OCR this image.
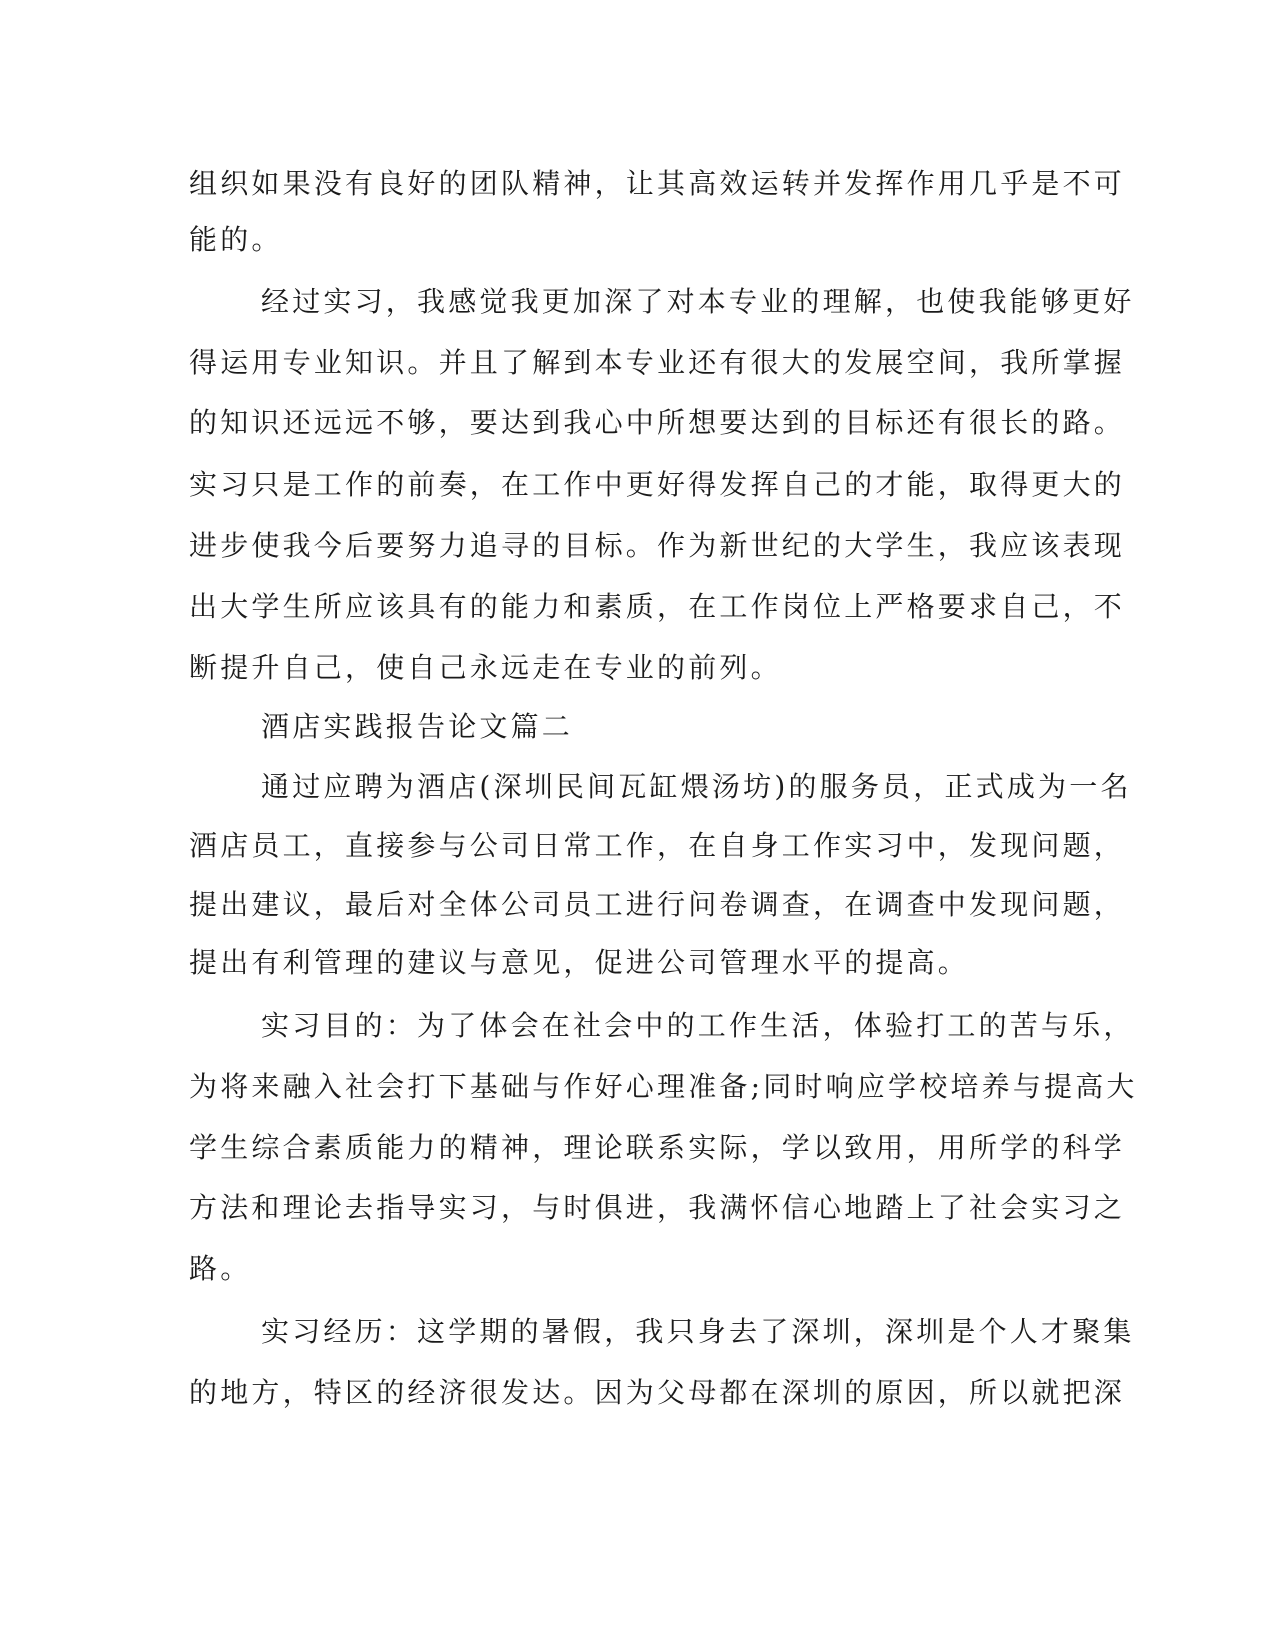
组织如果没有良好的团队精神，让其高效运转并发挥作用几乎是不可
能的。
经过实习，我感觉我更加深了对本专业的理解，也使我能够更好
得运用专业知识。并且了解到本专业还有很大的发展空间，我所掌握
的知识还远远不够，要达到我心中所想要达到的目标还有很长的路。
实习只是工作的前奏，在工作中更好得发挥自己的才能，取得更大的
进步使我今后要努力追寻的目标。作为新世纪的大学生，我应该表现
出大学生所应该具有的能力和素质，在工作岗位上严格要求自己，不
断提升自己，使自己永远走在专业的前列。
酒店实践报告论文篇二
通过应聘为酒店(深圳民间瓦缸煨汤坊)的服务员，正式成为一名
酒店员工，直接参与公司日常工作，在自身工作实习中，发现问题，
提出建议，最后对全体公司员工进行问卷调查，在调查中发现问题，
提出有利管理的建议与意见，促进公司管理水平的提高。
实习目的：为了体会在社会中的工作生活，体验打工的苦与乐，
为将来融入社会打下基础与作好心理准备;同时响应学校培养与提高大
学生综合素质能力的精神，理论联系实际，学以致用，用所学的科学
方法和理论去指导实习，与时俱进，我满怀信心地踏上了社会实习之
路。
实习经历：这学期的暑假，我只身去了深圳，深圳是个人才聚集
的地方，特区的经济很发达。因为父母都在深圳的原因，所以就把深
